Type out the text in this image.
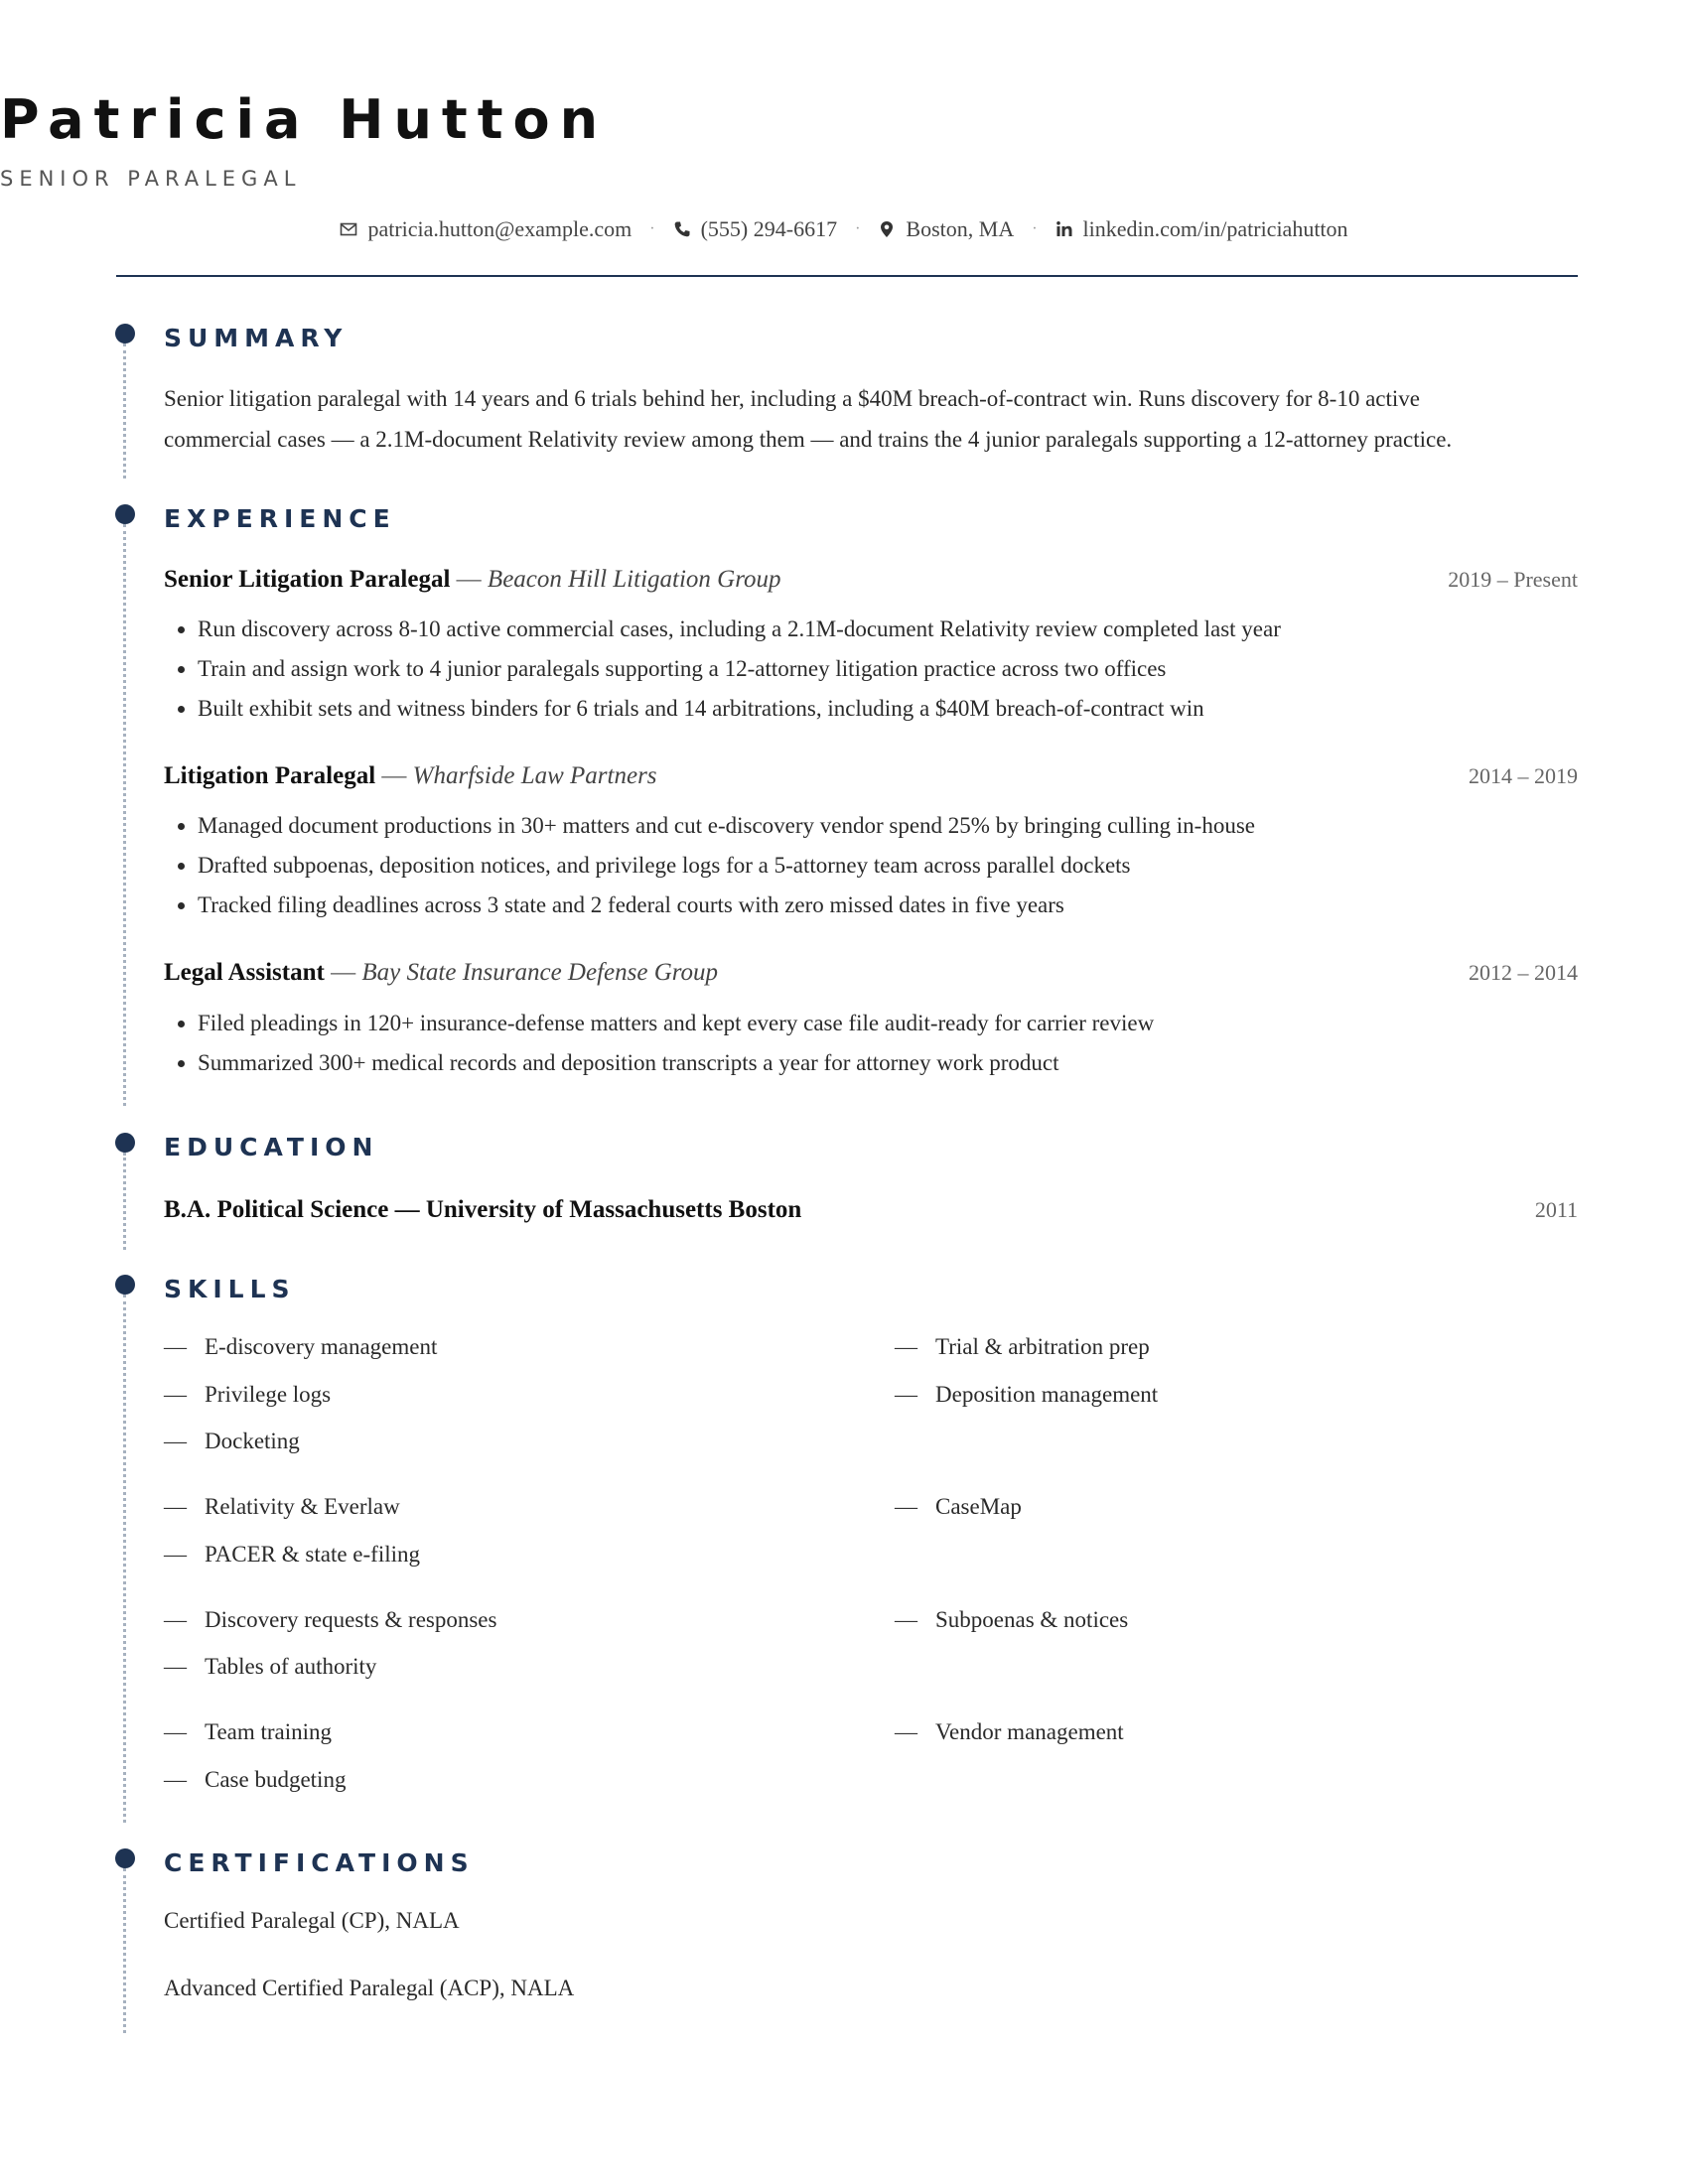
Patricia Hutton
SENIOR PARALEGAL
patricia.hutton@example.com · (555) 294-6617 · Boston, MA · linkedin.com/in/patriciahutton
SUMMARY
Senior litigation paralegal with 14 years and 6 trials behind her, including a $40M breach-of-contract win. Runs discovery for 8-10 active
commercial cases — a 2.1M-document Relativity review among them — and trains the 4 junior paralegals supporting a 12-attorney practice.
EXPERIENCE
Senior Litigation Paralegal — Beacon Hill Litigation Group	2019 – Present
• Run discovery across 8-10 active commercial cases, including a 2.1M-document Relativity review completed last year
• Train and assign work to 4 junior paralegals supporting a 12-attorney litigation practice across two offices
• Built exhibit sets and witness binders for 6 trials and 14 arbitrations, including a $40M breach-of-contract win
Litigation Paralegal — Wharfside Law Partners	2014 – 2019
• Managed document productions in 30+ matters and cut e-discovery vendor spend 25% by bringing culling in-house
• Drafted subpoenas, deposition notices, and privilege logs for a 5-attorney team across parallel dockets
• Tracked filing deadlines across 3 state and 2 federal courts with zero missed dates in five years
Legal Assistant — Bay State Insurance Defense Group	2012 – 2014
• Filed pleadings in 120+ insurance-defense matters and kept every case file audit-ready for carrier review
• Summarized 300+ medical records and deposition transcripts a year for attorney work product
EDUCATION
B.A. Political Science — University of Massachusetts Boston	2011
SKILLS
— E-discovery management	— Trial & arbitration prep
— Privilege logs	— Deposition management
— Docketing
— Relativity & Everlaw	— CaseMap
— PACER & state e-filing
— Discovery requests & responses	— Subpoenas & notices
— Tables of authority
— Team training	— Vendor management
— Case budgeting
CERTIFICATIONS
Certified Paralegal (CP), NALA
Advanced Certified Paralegal (ACP), NALA
